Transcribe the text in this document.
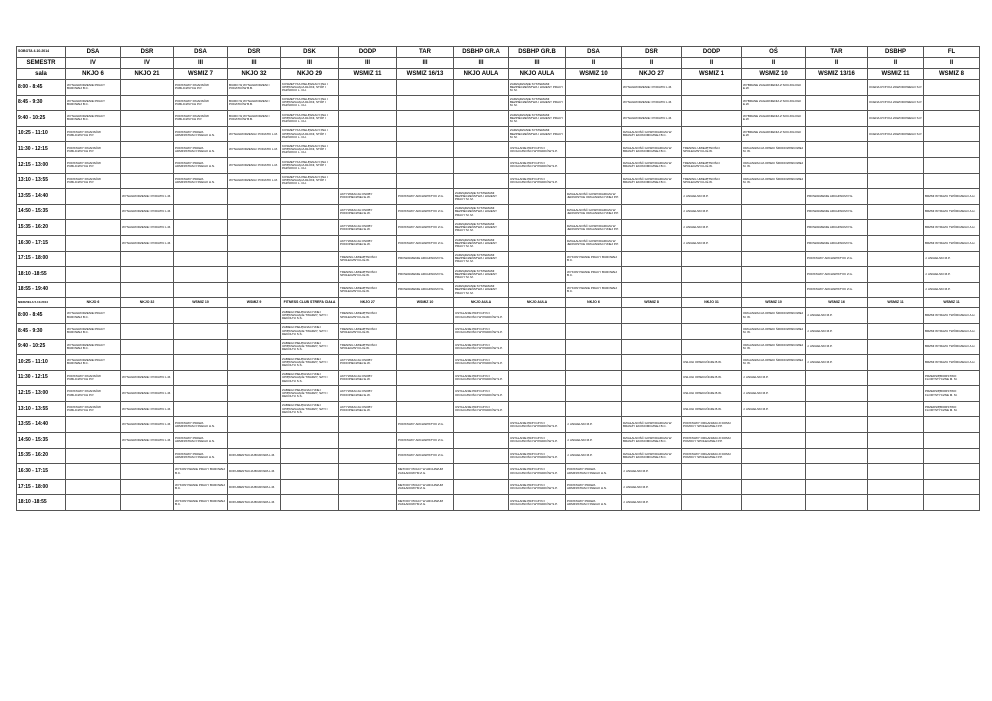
SOBOTA 4.10.2014	DSA	DSR	DSA	DSR	DSK	DODP	TAR	DSBHP GR.A	DSBHP GR.B	DSA	DSR	DODP	OŚ	TAR	DSBHP	FL
SEMESTR	IV	IV	III	III	III	III	III	III	III	II	II	II	II	II	II	II
sala	NKJO 6	NKJO 21	WSMIZ 7	NKJO 32	NKJO 29	WSMIZ 11	WSMIZ 16/13	NKJO AULA	NKJO AULA	WSMIZ 10	NKJO 27	WSMIZ 1	WSMIZ 10	WSMIZ 13/16	WSMIZ 11	WSMIZ 8
8:00 - 8:45	WYNAGRODZENIE PRACY BUROWEJ B.C.		PODSTAWY FINANSÓW PUBLICZNYCH P.P.	BIURO W WYNAGRODZENI I PODATKÓW B.B.	KOSMETYKA PIELĘGNACYJNA I UPIĘKSZAJĄCA DŁONI, STÓP I PAZNOKCI L. CH.				ZARZĄDZANIE SYSTEMAMI BEZPIECZEŃSTWA I HIGIENY PRACY M. M.		WYNAGRODZENIE I PODATKI L.M.		WYBRANE ZAGADNIENIA Z SOCJOLOGII E.W.		OCENA RYZYKA ZAWODOWEGO S.P.	
8:45 - 9:30	WYNAGRODZENIE PRACY BUROWEJ B.C.		PODSTAWY FINANSÓW PUBLICZNYCH P.P.	BIURO W WYNAGRODZENI I PODATKÓW B.B.	KOSMETYKA PIELĘGNACYJNA I UPIĘKSZAJĄCA DŁONI, STÓP I PAZNOKCI L. CH.				ZARZĄDZANIE SYSTEMAMI BEZPIECZEŃSTWA I HIGIENY PRACY M. M.		WYNAGRODZENIE I PODATKI L.M.		WYBRANE ZAGADNIENIA Z SOCJOLOGII E.W.		OCENA RYZYKA ZAWODOWEGO S.P.	
9:40 - 10:25	WYNAGRODZENIE PRACY BUROWEJ B.C.		PODSTAWY FINANSÓW PUBLICZNYCH P.P.	BIURO W WYNAGRODZENI I PODATKÓW B.B.	KOSMETYKA PIELĘGNACYJNA I UPIĘKSZAJĄCA DŁONI, STÓP I PAZNOKCI L. CH.				ZARZĄDZANIE SYSTEMAMI BEZPIECZEŃSTWA I HIGIENY PRACY M. M.		WYNAGRODZENIE I PODATKI L.M.		WYBRANE ZAGADNIENIA Z SOCJOLOGII E.W.		OCENA RYZYKA ZAWODOWEGO S.P.	
10:25 - 11:10	PODSTAWY FINANSÓW PUBLICZNYCH P.P.		PODSTAWY PRAWA ADMINISTRACYJNEGO H.N.	WYNAGRODZENIA I PODATKI L.M.	KOSMETYKA PIELĘGNACYJNA I UPIĘKSZAJĄCA DŁONI, STÓP I PAZNOKCI L. CH.				ZARZĄDZANIE SYSTEMAMI BEZPIECZEŃSTWA I HIGIENY PRACY M. M.		DZIAŁALNOŚĆ GOSPODARCZA W BRANŻY EKONOMICZNEJ B.C.		WYBRANE ZAGADNIENIA Z SOCJOLOGII E.W.		OCENA RYZYKA ZAWODOWEGO S.P.	
11:30 - 12:15	PODSTAWY FINANSÓW PUBLICZNYCH P.P.		PODSTAWY PRAWA ADMINISTRACYJNEGO H.N.	WYNAGRODZENIA I PODATKI L.M.	KOSMETYKA PIELĘGNACYJNA I UPIĘKSZAJĄCA DŁONI, STÓP I PAZNOKCI L. CH.				USTALANIE PRZYCZYN I OKOLICZNOŚCI WYPADKÓW S.P.		DZIAŁALNOŚĆ GOSPODARCZA W BRANŻY EKONOMICZNEJ B.C.	TRENING UMIEJĘTNOŚCI SPOŁECZNYCH E.W.	ORGANIZACJA OPIEKI ŚRODOWISKOWEJ M. W.			
12:15 - 13:00	PODSTAWY FINANSÓW PUBLICZNYCH P.P.		PODSTAWY PRAWA ADMINISTRACYJNEGO H.N.	WYNAGRODZENIA I PODATKI L.M.	KOSMETYKA PIELĘGNACYJNA I UPIĘKSZAJĄCA DŁONI, STÓP I PAZNOKCI L. CH.				USTALANIE PRZYCZYN I OKOLICZNOŚCI WYPADKÓW S.P.		DZIAŁALNOŚĆ GOSPODARCZA W BRANŻY EKONOMICZNEJ B.C.	TRENING UMIEJĘTNOŚCI SPOŁECZNYCH E.W.	ORGANIZACJA OPIEKI ŚRODOWISKOWEJ M. W.			
13:10 - 13:55	PODSTAWY FINANSÓW PUBLICZNYCH P.P.		PODSTAWY PRAWA ADMINISTRACYJNEGO H.N.	WYNAGRODZENIA I PODATKI L.M.	KOSMETYKA PIELĘGNACYJNA I UPIĘKSZAJĄCA DŁONI, STÓP I PAZNOKCI L. CH.				USTALANIE PRZYCZYN I OKOLICZNOŚCI WYPADKÓW S.P.		DZIAŁALNOŚĆ GOSPODARCZA W BRANŻY EKONOMICZNEJ B.C.	TRENING UMIEJĘTNOŚCI SPOŁECZNYCH E.W.	ORGANIZACJA OPIEKI ŚRODOWISKOWEJ M. W.			
13:55 - 14:40		WYNAGRODZENIE I PODATKI L.M.				AKTYWIZACJA OSOBY PODOPIECZNEJ E.W.	PODSTAWY ARCHIWISTYKI Z.G.	ZARZĄDZANIE SYSTEMAMI BEZPIECZEŃSTWA I HIGIENY PRACY M. M.		DZIAŁALNOŚĆ GOSPODARCZA W JEDNOSTCE ORGANIZACYJNEJ P.P.		J. ANGIELSKI M.P.		PROWADZENIE ARCHIWUM P.G.		BRZMI WYRAZU TWÓRCZEGO A.H.
14:50 - 15:35		WYNAGRODZENIE I PODATKI L.M.				AKTYWIZACJA OSOBY PODOPIECZNEJ E.W.	PODSTAWY ARCHIWISTYKI Z.G.	ZARZĄDZANIE SYSTEMAMI BEZPIECZEŃSTWA I HIGIENY PRACY M. M.		DZIAŁALNOŚĆ GOSPODARCZA W JEDNOSTCE ORGANIZACYJNEJ P.P.		J. ANGIELSKI M.P.		PROWADZENIE ARCHIWUM P.G.		BRZMI WYRAZU TWÓRCZEGO A.H.
15:35 - 16:20		WYNAGRODZENIE I PODATKI L.M.				AKTYWIZACJA OSOBY PODOPIECZNEJ E.W.	PODSTAWY ARCHIWISTYKI Z.G.	ZARZĄDZANIE SYSTEMAMI BEZPIECZEŃSTWA I HIGIENY PRACY M. M.		DZIAŁALNOŚĆ GOSPODARCZA W JEDNOSTCE ORGANIZACYJNEJ P.P.		J. ANGIELSKI M.P.		PROWADZENIE ARCHIWUM P.G.		BRZMI WYRAZU TWÓRCZEGO A.H.
16:30 - 17:15		WYNAGRODZENIE I PODATKI L.M.				AKTYWIZACJA OSOBY PODOPIECZNEJ E.W.	PODSTAWY ARCHIWISTYKI Z.G.	ZARZĄDZANIE SYSTEMAMI BEZPIECZEŃSTWA I HIGIENY PRACY M. M.		DZIAŁALNOŚĆ GOSPODARCZA W JEDNOSTCE ORGANIZACYJNEJ P.P.		J. ANGIELSKI M.P.		PROWADZENIE ARCHIWUM P.G.		BRZMI WYRAZU TWÓRCZEGO A.H.
17:15 - 18:00						TRENING UMIEJĘTNOŚCI SPOŁECZNYCH E.W.	PROWADZENIE ARCHIWUM P.G.	ZARZĄDZANIE SYSTEMAMI BEZPIECZEŃSTWA I HIGIENY PRACY M. M.		WYKONYWANIE PRACY BUROWEJ B.C.				PODSTAWY ARCHIWISTYKI Z.G.		J. ANGIELSKI M.P.
18:10 -18:55						TRENING UMIEJĘTNOŚCI SPOŁECZNYCH E.W.	PROWADZENIE ARCHIWUM P.G.	ZARZĄDZANIE SYSTEMAMI BEZPIECZEŃSTWA I HIGIENY PRACY M. M.		WYKONYWANIE PRACY BUROWEJ B.C.				PODSTAWY ARCHIWISTYKI Z.G.		J. ANGIELSKI M.P.
18:55 - 19:40						TRENING UMIEJĘTNOŚCI SPOŁECZNYCH E.W.	PROWADZENIE ARCHIWUM P.G.	ZARZĄDZANIE SYSTEMAMI BEZPIECZEŃSTWA I HIGIENY PRACY M. M.		WYKONYWANIE PRACY BUROWEJ B.C.				PODSTAWY ARCHIWISTYKI Z.G.		J. ANGIELSKI M.P.
NIEDZIELA 5.10.2014	NKJO 6	NKJO 32	WSMIZ 10	WSMIZ 9	FITNESS CLUB STREFA CIAŁA	NKJO 27	WSMIZ 10	NKJO AULA	NKJO AULA	NKJO 6	WSMIZ 8	NKJO 31	WSMIZ 10	WSMIZ 16	WSMIZ 11	WSMIZ 11
8:00 - 8:45	WYNAGRODZENIE PRACY BUROWEJ B.C.				ZABIEGI PIELĘGNACYJNE I UPIĘKSZAJĄCE TWARZY, SZYI I DEKOLTU S.S.	TRENING UMIEJĘTNOŚCI SPOŁECZNYCH E.W.		USTALANIE PRZYCZYN I OKOLICZNOŚCI WYPADKÓW S.P.					ORGANIZACJA OPIEKI ŚRODOWISKOWEJ M. W.	J. ANGIELSKI M.P.		BRZMI WYRAZU TWÓRCZEGO A.H.
8:45 - 9:30	WYNAGRODZENIE PRACY BUROWEJ B.C.				ZABIEGI PIELĘGNACYJNE I UPIĘKSZAJĄCE TWARZY, SZYI I DEKOLTU S.S.	TRENING UMIEJĘTNOŚCI SPOŁECZNYCH E.W.		USTALANIE PRZYCZYN I OKOLICZNOŚCI WYPADKÓW S.P.					ORGANIZACJA OPIEKI ŚRODOWISKOWEJ M. W.	J. ANGIELSKI M.P.		BRZMI WYRAZU TWÓRCZEGO A.H.
9:40 - 10:25	WYNAGRODZENIE PRACY BUROWEJ B.C.				ZABIEGI PIELĘGNACYJNE I UPIĘKSZAJĄCE TWARZY, SZYI I DEKOLTU S.S.	TRENING UMIEJĘTNOŚCI SPOŁECZNYCH E.W.		USTALANIE PRZYCZYN I OKOLICZNOŚCI WYPADKÓW S.P.					ORGANIZACJA OPIEKI ŚRODOWISKOWEJ M. W.	J. ANGIELSKI M.P.		BRZMI WYRAZU TWÓRCZEGO A.H.
10:25 - 11:10	WYNAGRODZENIE PRACY BUROWEJ B.C.				ZABIEGI PIELĘGNACYJNE I UPIĘKSZAJĄCE TWARZY, SZYI I DEKOLTU S.S.	AKTYWIZACJA OSOBY PODOPIECZNEJ E.W.		USTALANIE PRZYCZYN I OKOLICZNOŚCI WYPADKÓW S.P.				USŁUGI OPIEKUŃCZE B.W.	ORGANIZACJA OPIEKI ŚRODOWISKOWEJ M. W.	J. ANGIELSKI M.P.		BRZMI WYRAZU TWÓRCZEGO A.H.
11:30 - 12:15	PODSTAWY FINANSÓW PUBLICZNYCH P.P.	WYNAGRODZENIE I PODATKI L.M.			ZABIEGI PIELĘGNACYJNE I UPIĘKSZAJĄCE TWARZY, SZYI I DEKOLTU S.S.	AKTYWIZACJA OSOBY PODOPIECZNEJ E.W.		USTALANIE PRZYCZYN I OKOLICZNOŚCI WYPADKÓW S.P.				USŁUGI OPIEKUŃCZE B.W.	J. ANGIELSKI M.P.			PRZEDSIĘBIORSTWO FLORYSTYCZNE M. M.
12:15 - 13:00	PODSTAWY FINANSÓW PUBLICZNYCH P.P.	WYNAGRODZENIE I PODATKI L.M.			ZABIEGI PIELĘGNACYJNE I UPIĘKSZAJĄCE TWARZY, SZYI I DEKOLTU S.S.	AKTYWIZACJA OSOBY PODOPIECZNEJ E.W.		USTALANIE PRZYCZYN I OKOLICZNOŚCI WYPADKÓW S.P.				USŁUGI OPIEKUŃCZE B.W.	J. ANGIELSKI M.P.			PRZEDSIĘBIORSTWO FLORYSTYCZNE M. M.
13:10 - 13:55	PODSTAWY FINANSÓW PUBLICZNYCH P.P.	WYNAGRODZENIE I PODATKI L.M.			ZABIEGI PIELĘGNACYJNE I UPIĘKSZAJĄCE TWARZY, SZYI I DEKOLTU S.S.	AKTYWIZACJA OSOBY PODOPIECZNEJ E.W.		USTALANIE PRZYCZYN I OKOLICZNOŚCI WYPADKÓW S.P.				USŁUGI OPIEKUŃCZE B.W.	J. ANGIELSKI M.P.			PRZEDSIĘBIORSTWO FLORYSTYCZNE M. M.
13:55 - 14:40		WYNAGRODZENIE I PODATKI L.M.	PODSTAWY PRAWA ADMINISTRACYJNEGO H.N.				PODSTAWY ARCHIWISTYKI Z.G.		USTALANIE PRZYCZYN I OKOLICZNOŚCI WYPADKÓW S.P.	J. ANGIELSKI M.P.	DZIAŁALNOŚĆ GOSPODARCZA W BRANŻY EKONOMICZNEJ B.C.	PODSTAWY ORGANIZACJI DOMU POMOCY SPOŁECZNEJ P.P.				
14:50 - 15:35		WYNAGRODZENIE I PODATKI L.M.	PODSTAWY PRAWA ADMINISTRACYJNEGO H.N.				PODSTAWY ARCHIWISTYKI Z.G.		USTALANIE PRZYCZYN I OKOLICZNOŚCI WYPADKÓW S.P.	J. ANGIELSKI M.P.	DZIAŁALNOŚĆ GOSPODARCZA W BRANŻY EKONOMICZNEJ B.C.	PODSTAWY ORGANIZACJI DOMU POMOCY SPOŁECZNEJ P.P.				
15:35 - 16:20			PODSTAWY PRAWA ADMINISTRACYJNEGO H.N.	DOKUMENTACJA BIUROWA L.M.			PODSTAWY ARCHIWISTYKI Z.G.		USTALANIE PRZYCZYN I OKOLICZNOŚCI WYPADKÓW S.P.	J. ANGIELSKI M.P.	DZIAŁALNOŚĆ GOSPODARCZA W BRANŻY EKONOMICZNEJ B.C.	PODSTAWY ORGANIZACJI DOMU POMOCY SPOŁECZNEJ P.P.				
16:30 - 17:15			WYKONYWANIE PRACY BUROWEJ B.C.	DOKUMENTACJA BIUROWA L.M.			METODY PRACY W ARCHIWUM ZAKŁADOWYM Z.G.		USTALANIE PRZYCZYN I OKOLICZNOŚCI WYPADKÓW S.P.	PODSTAWY PRAWA ADMINISTRACYJNEGO H.N.	J. ANGIELSKI M.P.					
17:15 - 18:00			WYKONYWANIE PRACY BUROWEJ B.C.	DOKUMENTACJA BIUROWA L.M.			METODY PRACY W ARCHIWUM ZAKŁADOWYM Z.G.		USTALANIE PRZYCZYN I OKOLICZNOŚCI WYPADKÓW S.P.	PODSTAWY PRAWA ADMINISTRACYJNEGO H.N.	J. ANGIELSKI M.P.					
18:10 -18:55			WYKONYWANIE PRACY BUROWEJ B.C.	DOKUMENTACJA BIUROWA L.M.			METODY PRACY W ARCHIWUM ZAKŁADOWYM Z.G.		USTALANIE PRZYCZYN I OKOLICZNOŚCI WYPADKÓW S.P.	PODSTAWY PRAWA ADMINISTRACYJNEGO H.N.	J. ANGIELSKI M.P.					
